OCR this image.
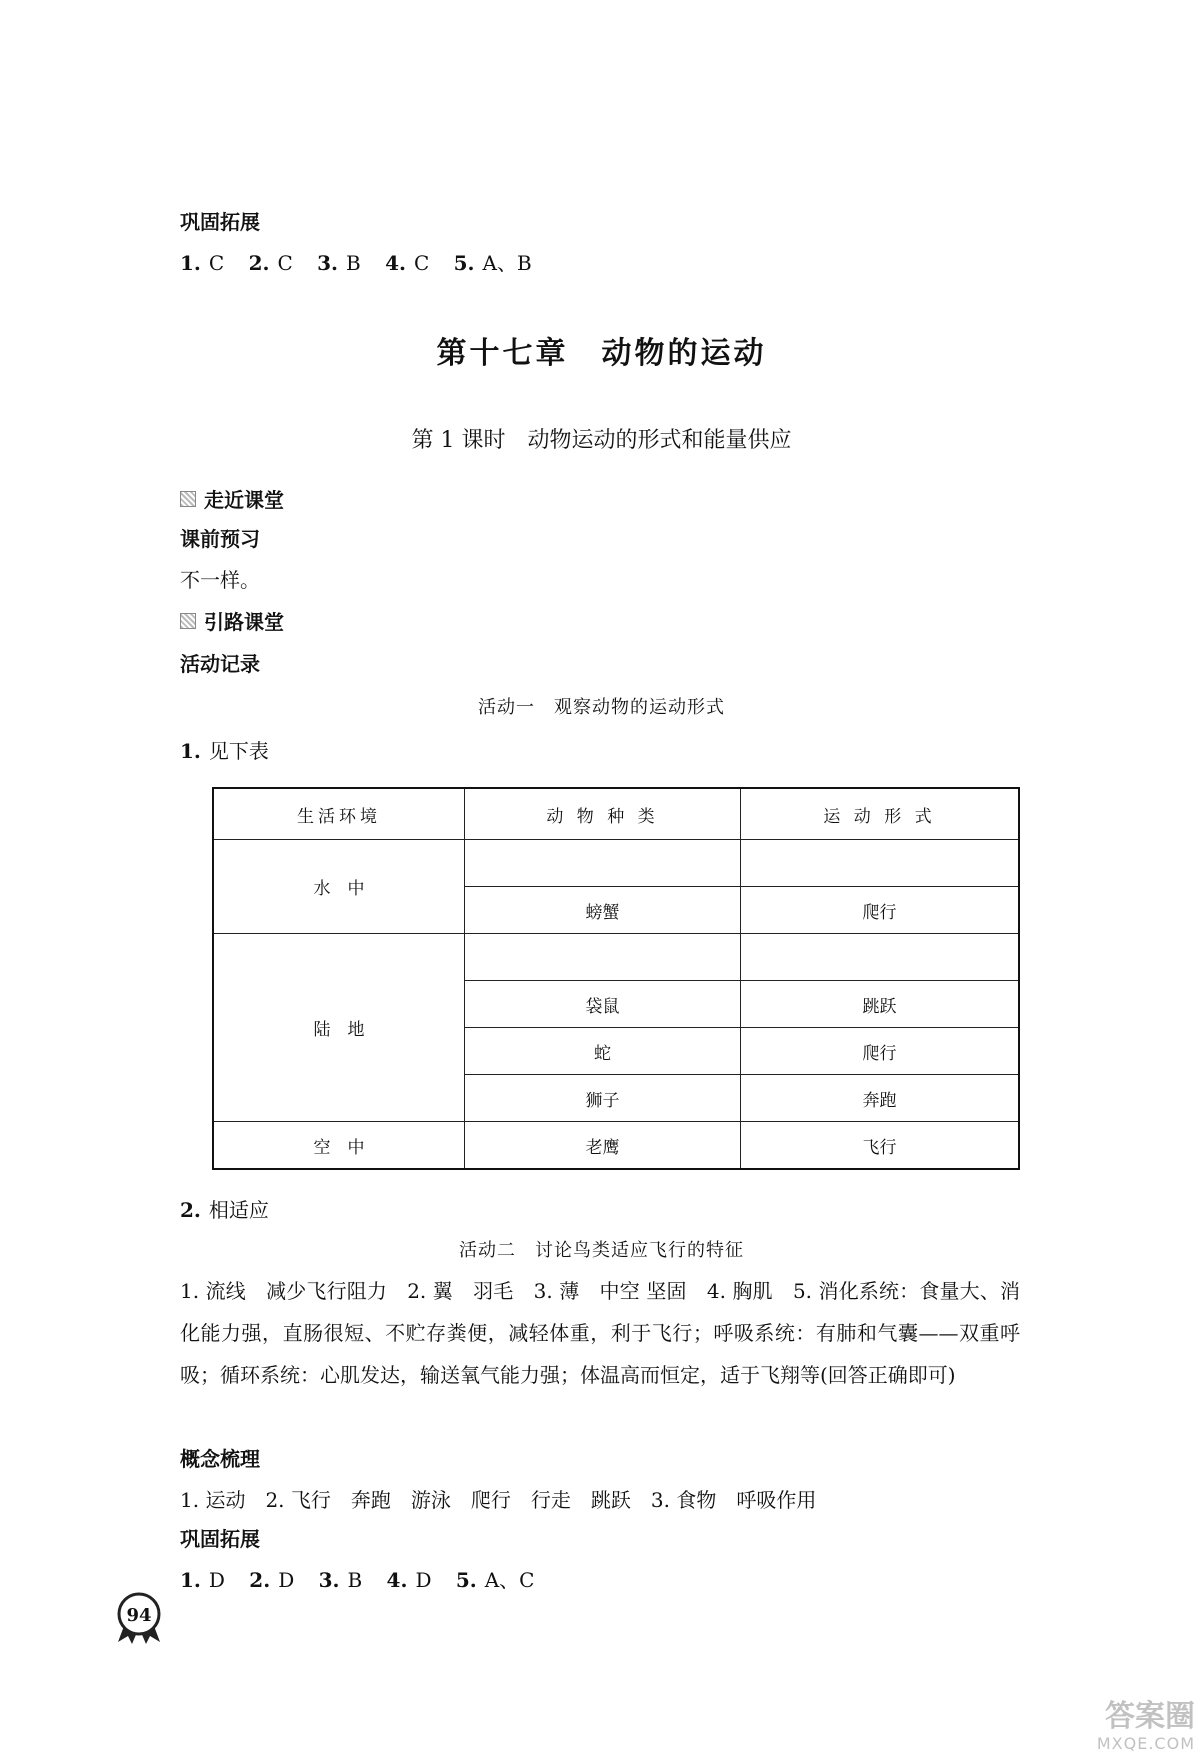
巩固拓展
1. C 2. C 3. B 4. C 5. A、B
第十七章　动物的运动
第 1 课时　动物运动的形式和能量供应
走近课堂
课前预习
不一样。
引路课堂
活动记录
活动一　观察动物的运动形式
1. 见下表
生活环境	动 物 种 类	运 动 形 式
水　中		
	螃蟹	爬行
陆　地		
	袋鼠	跳跃
	蛇	爬行
	狮子	奔跑
空　中	老鹰	飞行
2. 相适应
活动二　讨论鸟类适应飞行的特征
1. 流线　减少飞行阻力　2. 翼　羽毛　3. 薄　中空 坚固　4. 胸肌　5. 消化系统：食量大、消化能力强，直肠很短、不贮存粪便，减轻体重，利于飞行；呼吸系统：有肺和气囊——双重呼吸；循环系统：心肌发达，输送氧气能力强；体温高而恒定，适于飞翔等(回答正确即可)
概念梳理
1. 运动　2. 飞行　奔跑　游泳　爬行　行走　跳跃　3. 食物　呼吸作用
巩固拓展
1. D 2. D 3. B 4. D 5. A、C
94
答案圈
MXQE.COM
